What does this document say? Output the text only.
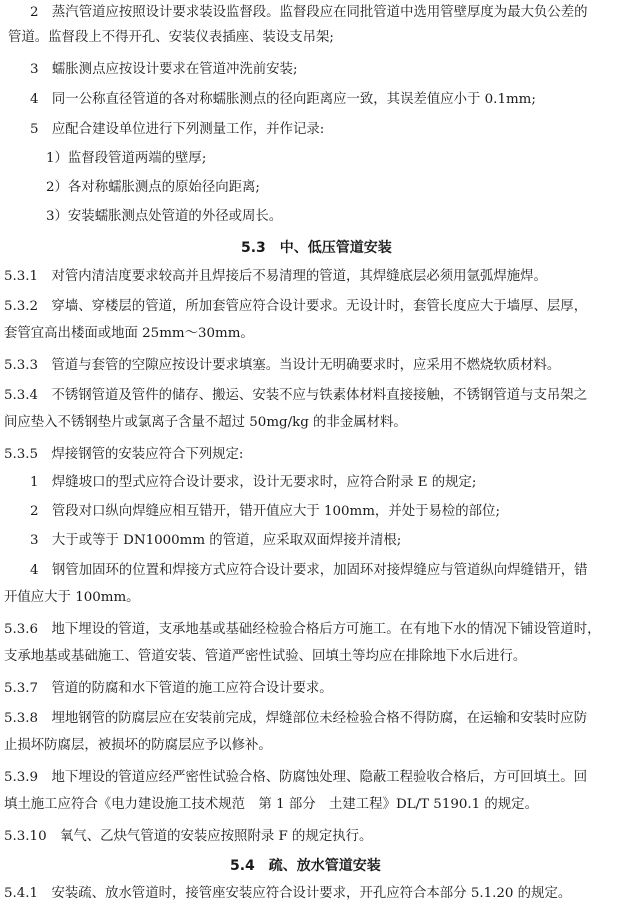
2　蒸汽管道应按照设计要求装设监督段。监督段应在同批管道中选用管壁厚度为最大负公差的
管道。监督段上不得开孔、安装仪表插座、装设支吊架;
3　蠕胀测点应按设计要求在管道冲洗前安装;
4　同一公称直径管道的各对称蠕胀测点的径向距离应一致，其误差值应小于 0.1mm;
5　应配合建设单位进行下列测量工作，并作记录:
1）监督段管道两端的壁厚;
2）各对称蠕胀测点的原始径向距离;
3）安装蠕胀测点处管道的外径或周长。
5.3　中、低压管道安装
5.3.1　对管内清洁度要求较高并且焊接后不易清理的管道，其焊缝底层必须用氩弧焊施焊。
5.3.2　穿墙、穿楼层的管道，所加套管应符合设计要求。无设计时，套管长度应大于墙厚、层厚，
套管宜高出楼面或地面 25mm～30mm。
5.3.3　管道与套管的空隙应按设计要求填塞。当设计无明确要求时，应采用不燃烧软质材料。
5.3.4　不锈钢管道及管件的储存、搬运、安装不应与铁素体材料直接接触，不锈钢管道与支吊架之
间应垫入不锈钢垫片或氯离子含量不超过 50mg/kg 的非金属材料。
5.3.5　焊接钢管的安装应符合下列规定:
1　焊缝坡口的型式应符合设计要求，设计无要求时，应符合附录 E 的规定;
2　管段对口纵向焊缝应相互错开，错开值应大于 100mm，并处于易检的部位;
3　大于或等于 DN1000mm 的管道，应采取双面焊接并清根;
4　钢管加固环的位置和焊接方式应符合设计要求，加固环对接焊缝应与管道纵向焊缝错开，错
开值应大于 100mm。
5.3.6　地下埋设的管道，支承地基或基础经检验合格后方可施工。在有地下水的情况下铺设管道时，
支承地基或基础施工、管道安装、管道严密性试验、回填土等均应在排除地下水后进行。
5.3.7　管道的防腐和水下管道的施工应符合设计要求。
5.3.8　埋地钢管的防腐层应在安装前完成，焊缝部位未经检验合格不得防腐，在运输和安装时应防
止损坏防腐层，被损坏的防腐层应予以修补。
5.3.9　地下埋设的管道应经严密性试验合格、防腐蚀处理、隐蔽工程验收合格后，方可回填土。回
填土施工应符合《电力建设施工技术规范　第 1 部分　土建工程》DL/T 5190.1 的规定。
5.3.10　氧气、乙炔气管道的安装应按照附录 F 的规定执行。
5.4　疏、放水管道安装
5.4.1　安装疏、放水管道时，接管座安装应符合设计要求，开孔应符合本部分 5.1.20 的规定。
